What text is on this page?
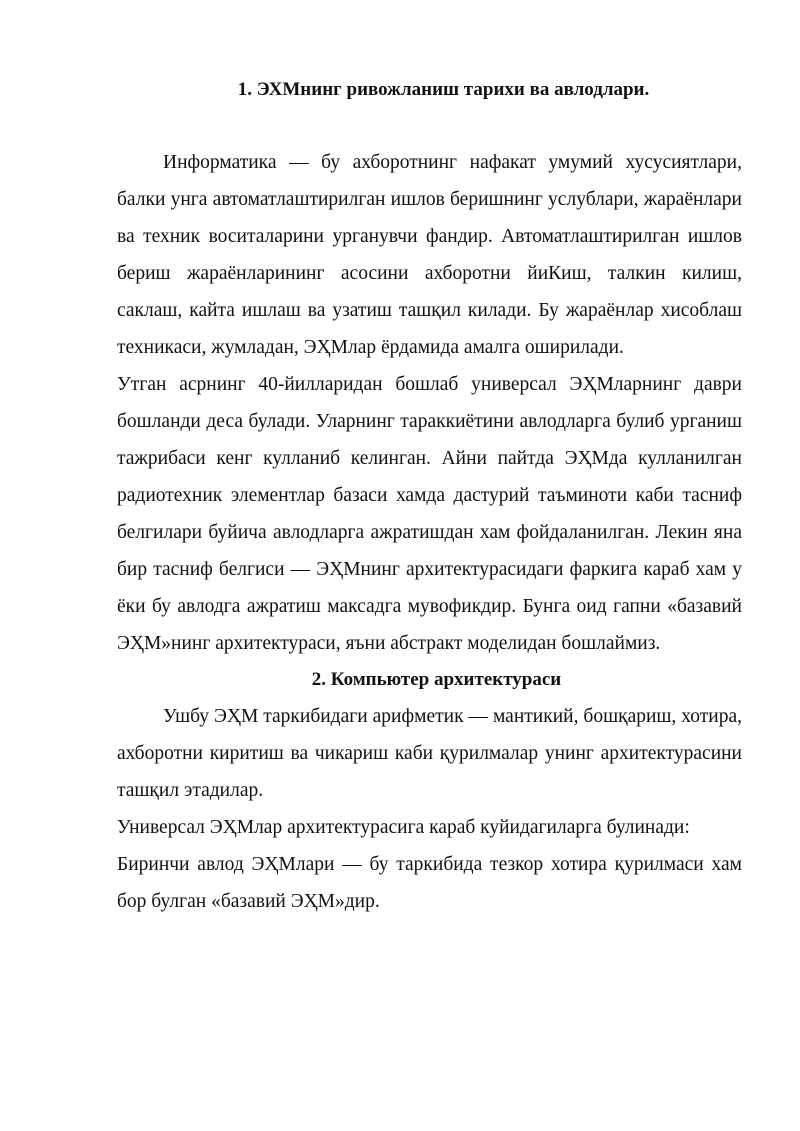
1. ЭХМнинг ривожланиш тарихи ва авлодлари.

Информатика — бу ахборотнинг нафакат умумий хусусиятлари, балки унга автоматлаштирилган ишлов беришнинг услублари, жараёнлари ва техник воситаларини урганувчи фандир. Автоматлаштирилган ишлов бериш жараёнларининг асосини ахборотни йиКиш, талкин килиш, саклаш, кайта ишлаш ва узатиш ташқил килади. Бу жараёнлар хисоблаш техникаси, жумладан, ЭҲМлар ёрдамида амалга оширилади.

Утган асрнинг 40-йилларидан бошлаб универсал ЭҲМларнинг даври бошланди деса булади. Уларнинг тараккиётини авлодларга булиб урганиш тажрибаси кенг кулланиб келинган. Айни пайтда ЭҲМда кулланилган радиотехник элементлар базаси хамда дастурий таъминоти каби тасниф белгилари буйича авлодларга ажратишдан хам фойдаланилган. Лекин яна бир тасниф белгиси — ЭҲМнинг архитектурасидаги фаркига караб хам у ёки бу авлодга ажратиш максадга мувофикдир. Бунга оид гапни «базавий ЭҲМ»нинг архитектураси, яъни абстракт моделидан бошлаймиз.

2. Компьютер архитектураси

Ушбу ЭҲМ таркибидаги арифметик — мантикий, бошқариш, хотира, ахборотни киритиш ва чикариш каби қурилмалар унинг архитектурасини ташқил этадилар.

Универсал ЭҲМлар архитектурасига караб куйидагиларга булинади:

Биринчи авлод ЭҲМлари — бу таркибида тезкор хотира қурилмаси хам бор булган «базавий ЭҲМ»дир.
